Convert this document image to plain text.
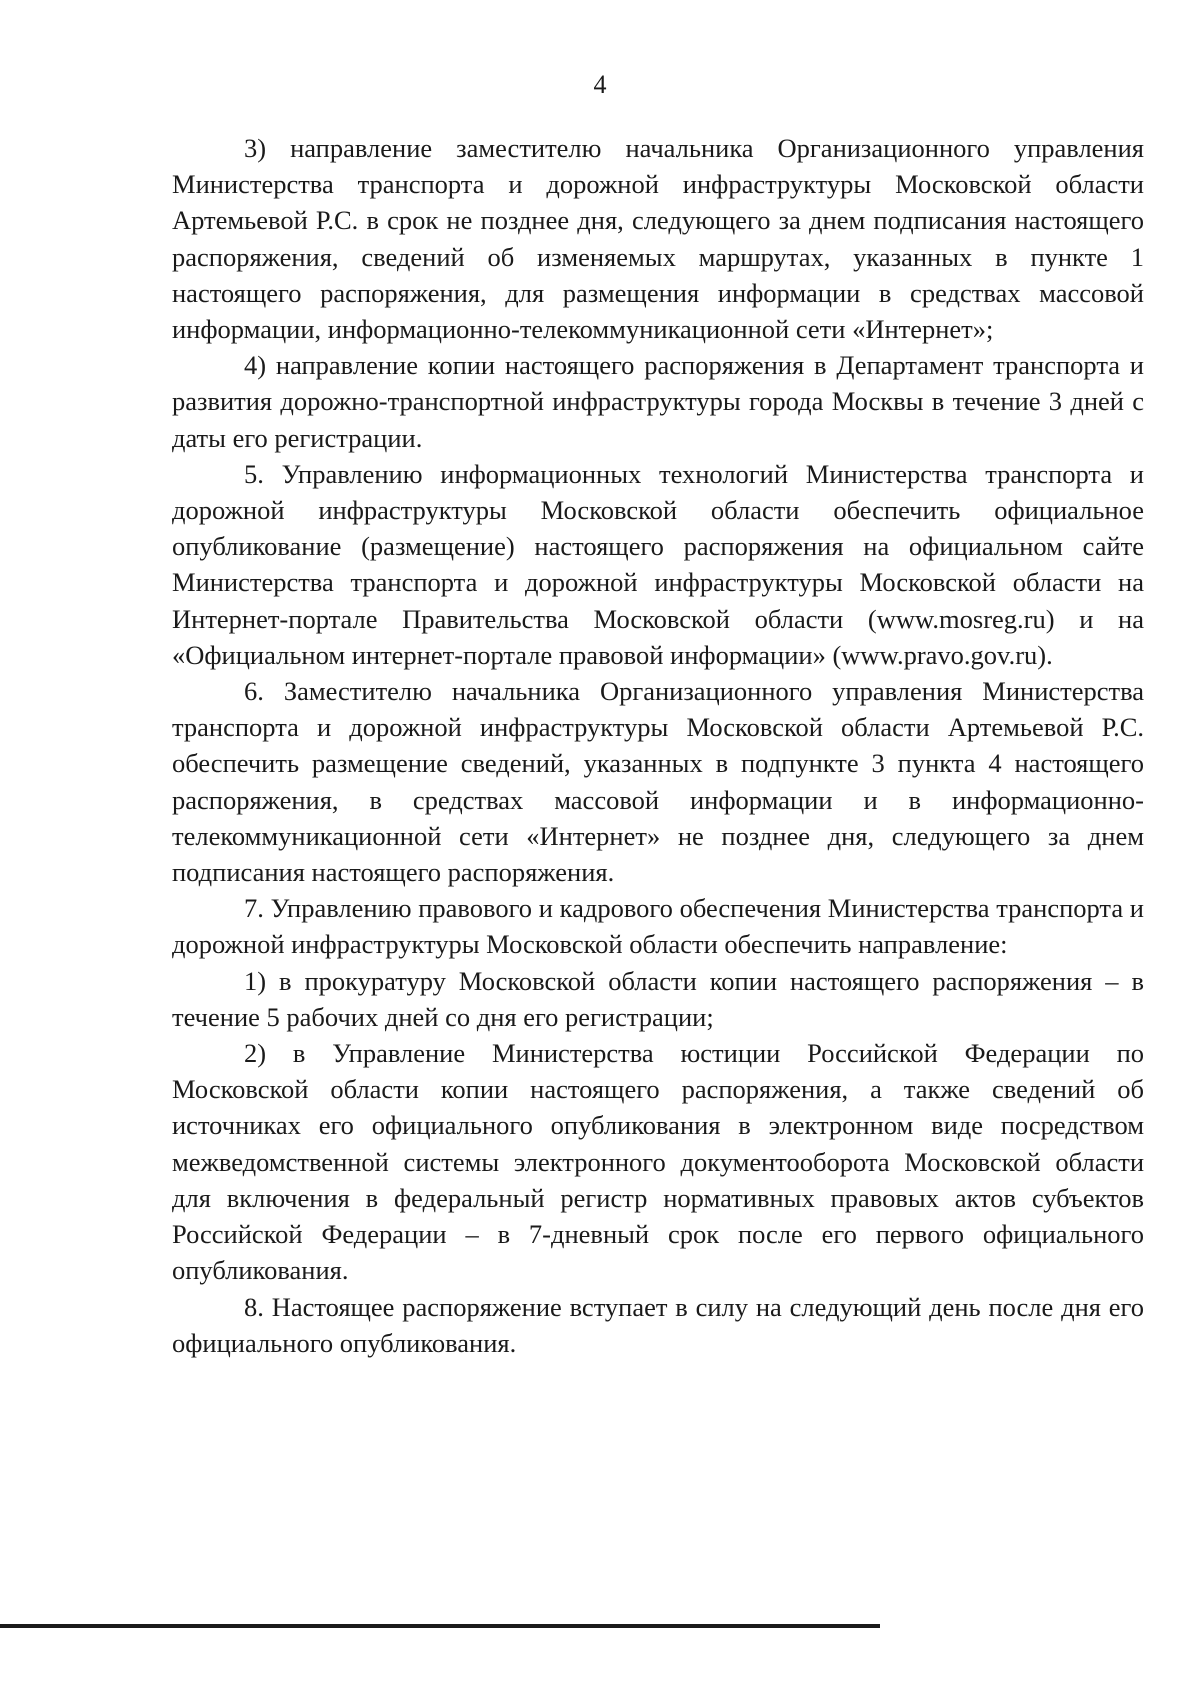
4

3) направление заместителю начальника Организационного управления Министерства транспорта и дорожной инфраструктуры Московской области Артемьевой Р.С. в срок не позднее дня, следующего за днем подписания настоящего распоряжения, сведений об изменяемых маршрутах, указанных в пункте 1 настоящего распоряжения, для размещения информации в средствах массовой информации, информационно-телекоммуникационной сети «Интернет»;

4) направление копии настоящего распоряжения в Департамент транспорта и развития дорожно-транспортной инфраструктуры города Москвы в течение 3 дней с даты его регистрации.

5. Управлению информационных технологий Министерства транспорта и дорожной инфраструктуры Московской области обеспечить официальное опубликование (размещение) настоящего распоряжения на официальном сайте Министерства транспорта и дорожной инфраструктуры Московской области на Интернет-портале Правительства Московской области (www.mosreg.ru) и на «Официальном интернет-портале правовой информации» (www.pravo.gov.ru).

6. Заместителю начальника Организационного управления Министерства транспорта и дорожной инфраструктуры Московской области Артемьевой Р.С. обеспечить размещение сведений, указанных в подпункте 3 пункта 4 настоящего распоряжения, в средствах массовой информации и в информационно-телекоммуникационной сети «Интернет» не позднее дня, следующего за днем подписания настоящего распоряжения.

7. Управлению правового и кадрового обеспечения Министерства транспорта и дорожной инфраструктуры Московской области обеспечить направление:

1) в прокуратуру Московской области копии настоящего распоряжения – в течение 5 рабочих дней со дня его регистрации;

2) в Управление Министерства юстиции Российской Федерации по Московской области копии настоящего распоряжения, а также сведений об источниках его официального опубликования в электронном виде посредством межведомственной системы электронного документооборота Московской области для включения в федеральный регистр нормативных правовых актов субъектов Российской Федерации – в 7-дневный срок после его первого официального опубликования.

8. Настоящее распоряжение вступает в силу на следующий день после дня его официального опубликования.
